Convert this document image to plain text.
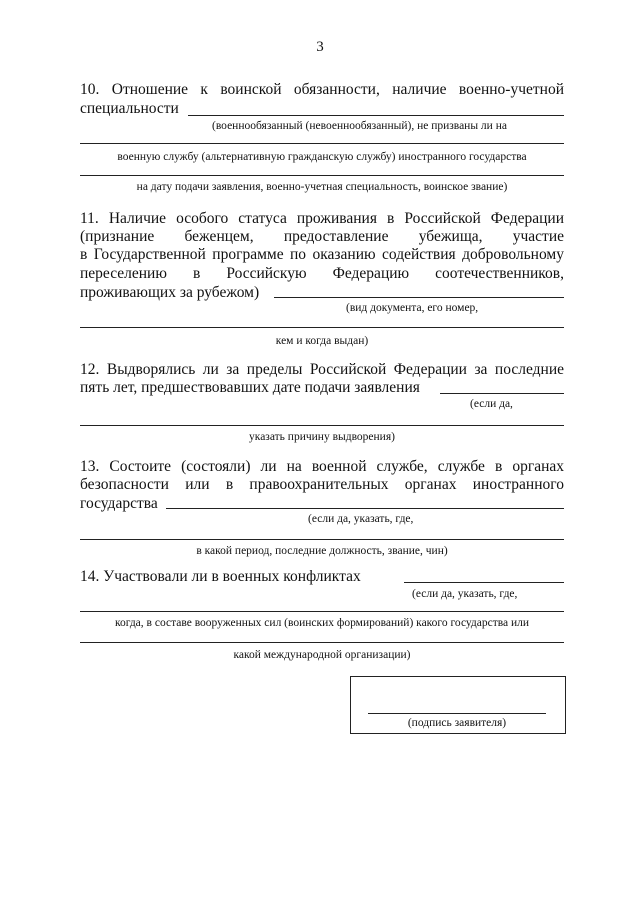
3
10. Отношение к воинской обязанности, наличие военно-учетной
специальности
(военнообязанный (невоеннообязанный), не призваны ли на
военную службу (альтернативную гражданскую службу) иностранного государства
на дату подачи заявления, военно-учетная специальность, воинское звание)
11. Наличие особого статуса проживания в Российской Федерации
(признание беженцем, предоставление убежища, участие
в Государственной программе по оказанию содействия добровольному
переселению в Российскую Федерацию соотечественников,
проживающих за рубежом)
(вид документа, его номер,
кем и когда выдан)
12. Выдворялись ли за пределы Российской Федерации за последние
пять лет, предшествовавших дате подачи заявления
(если да,
указать причину выдворения)
13. Состоите (состояли) ли на военной службе, службе в органах
безопасности или в правоохранительных органах иностранного
государства
(если да, указать, где,
в какой период, последние должность, звание, чин)
14. Участвовали ли в военных конфликтах
(если да, указать, где,
когда, в составе вооруженных сил (воинских формирований) какого государства или
какой международной организации)
(подпись заявителя)
